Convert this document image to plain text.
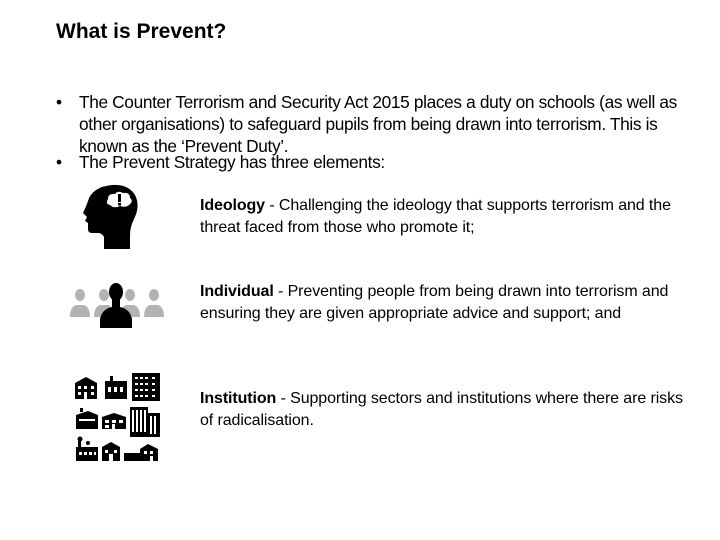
What is Prevent?
• The Counter Terrorism and Security Act 2015 places a duty on schools (as well as other organisations) to safeguard pupils from being drawn into terrorism. This is known as the ‘Prevent Duty’.
• The Prevent Strategy has three elements:
Ideology - Challenging the ideology that supports terrorism and the threat faced from those who promote it;
Individual - Preventing people from being drawn into terrorism and ensuring they are given appropriate advice and support; and
Institution - Supporting sectors and institutions where there are risks of radicalisation.
